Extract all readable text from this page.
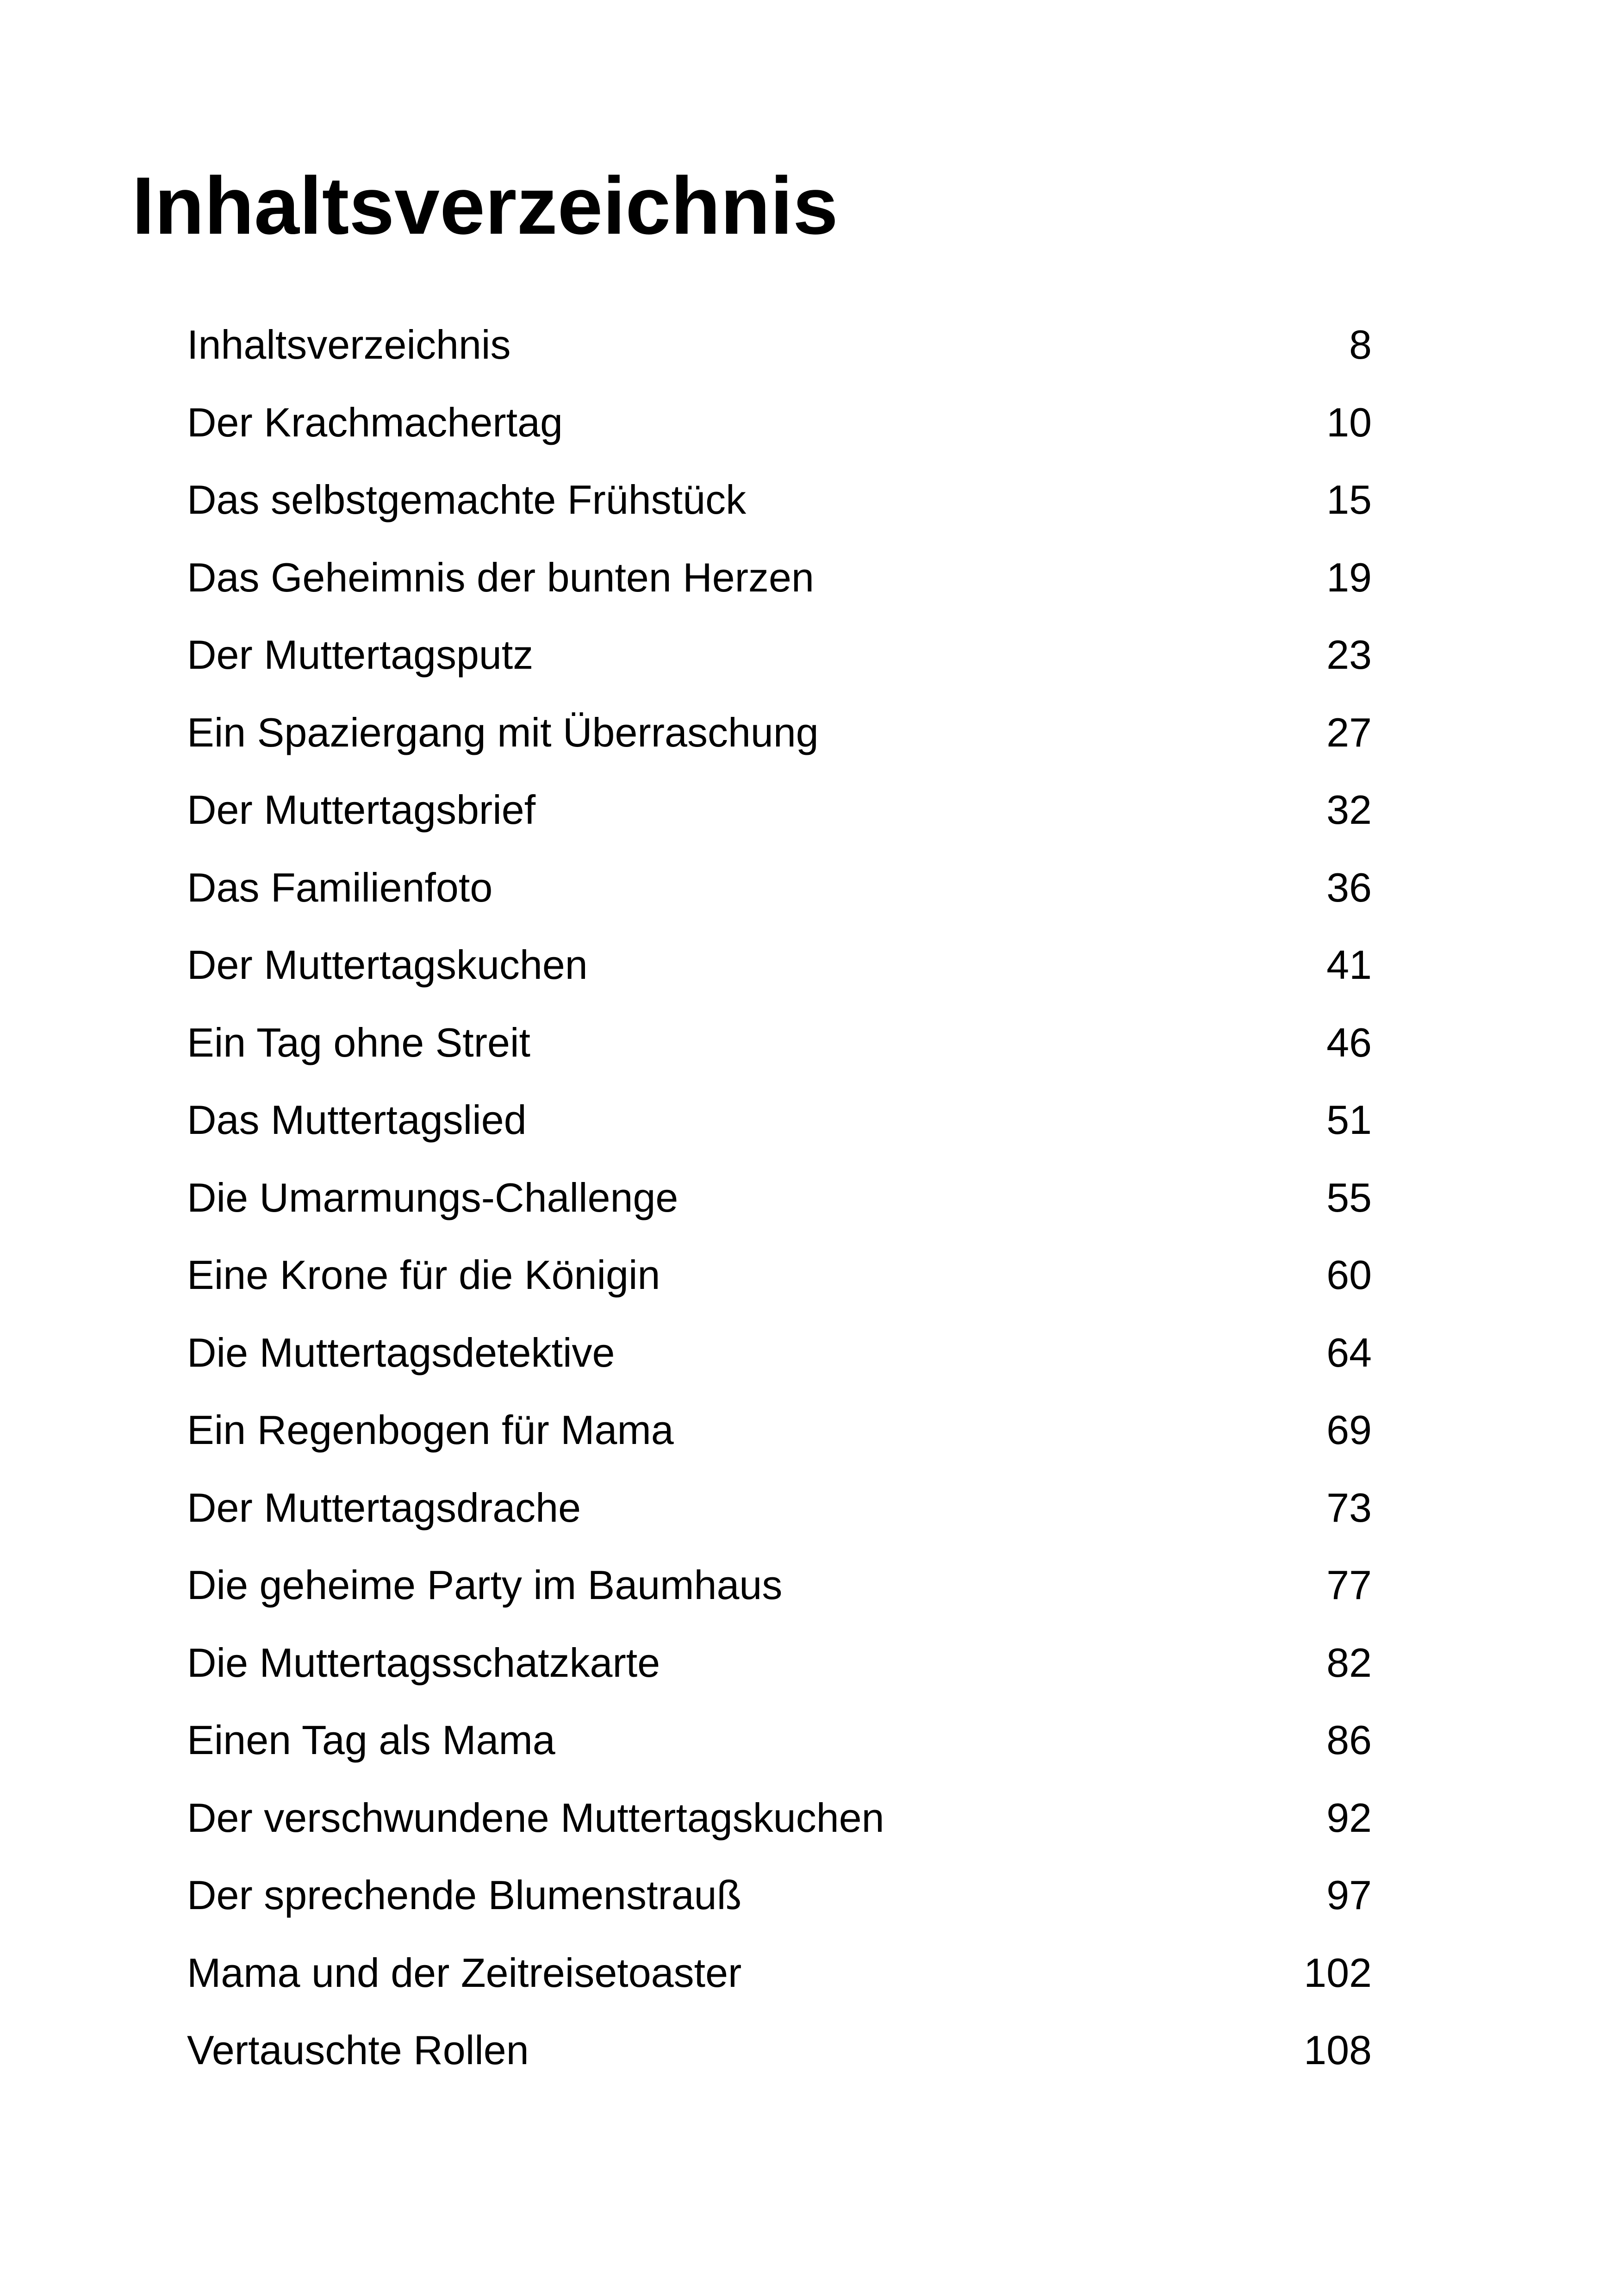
Inhaltsverzeichnis
Inhaltsverzeichnis	8
Der Krachmachertag	10
Das selbstgemachte Frühstück	15
Das Geheimnis der bunten Herzen	19
Der Muttertagsputz	23
Ein Spaziergang mit Überraschung	27
Der Muttertagsbrief	32
Das Familienfoto	36
Der Muttertagskuchen	41
Ein Tag ohne Streit	46
Das Muttertagslied	51
Die Umarmungs-Challenge	55
Eine Krone für die Königin	60
Die Muttertagsdetektive	64
Ein Regenbogen für Mama	69
Der Muttertagsdrache	73
Die geheime Party im Baumhaus	77
Die Muttertagsschatzkarte	82
Einen Tag als Mama	86
Der verschwundene Muttertagskuchen	92
Der sprechende Blumenstrauß	97
Mama und der Zeitreisetoaster	102
Vertauschte Rollen	108
